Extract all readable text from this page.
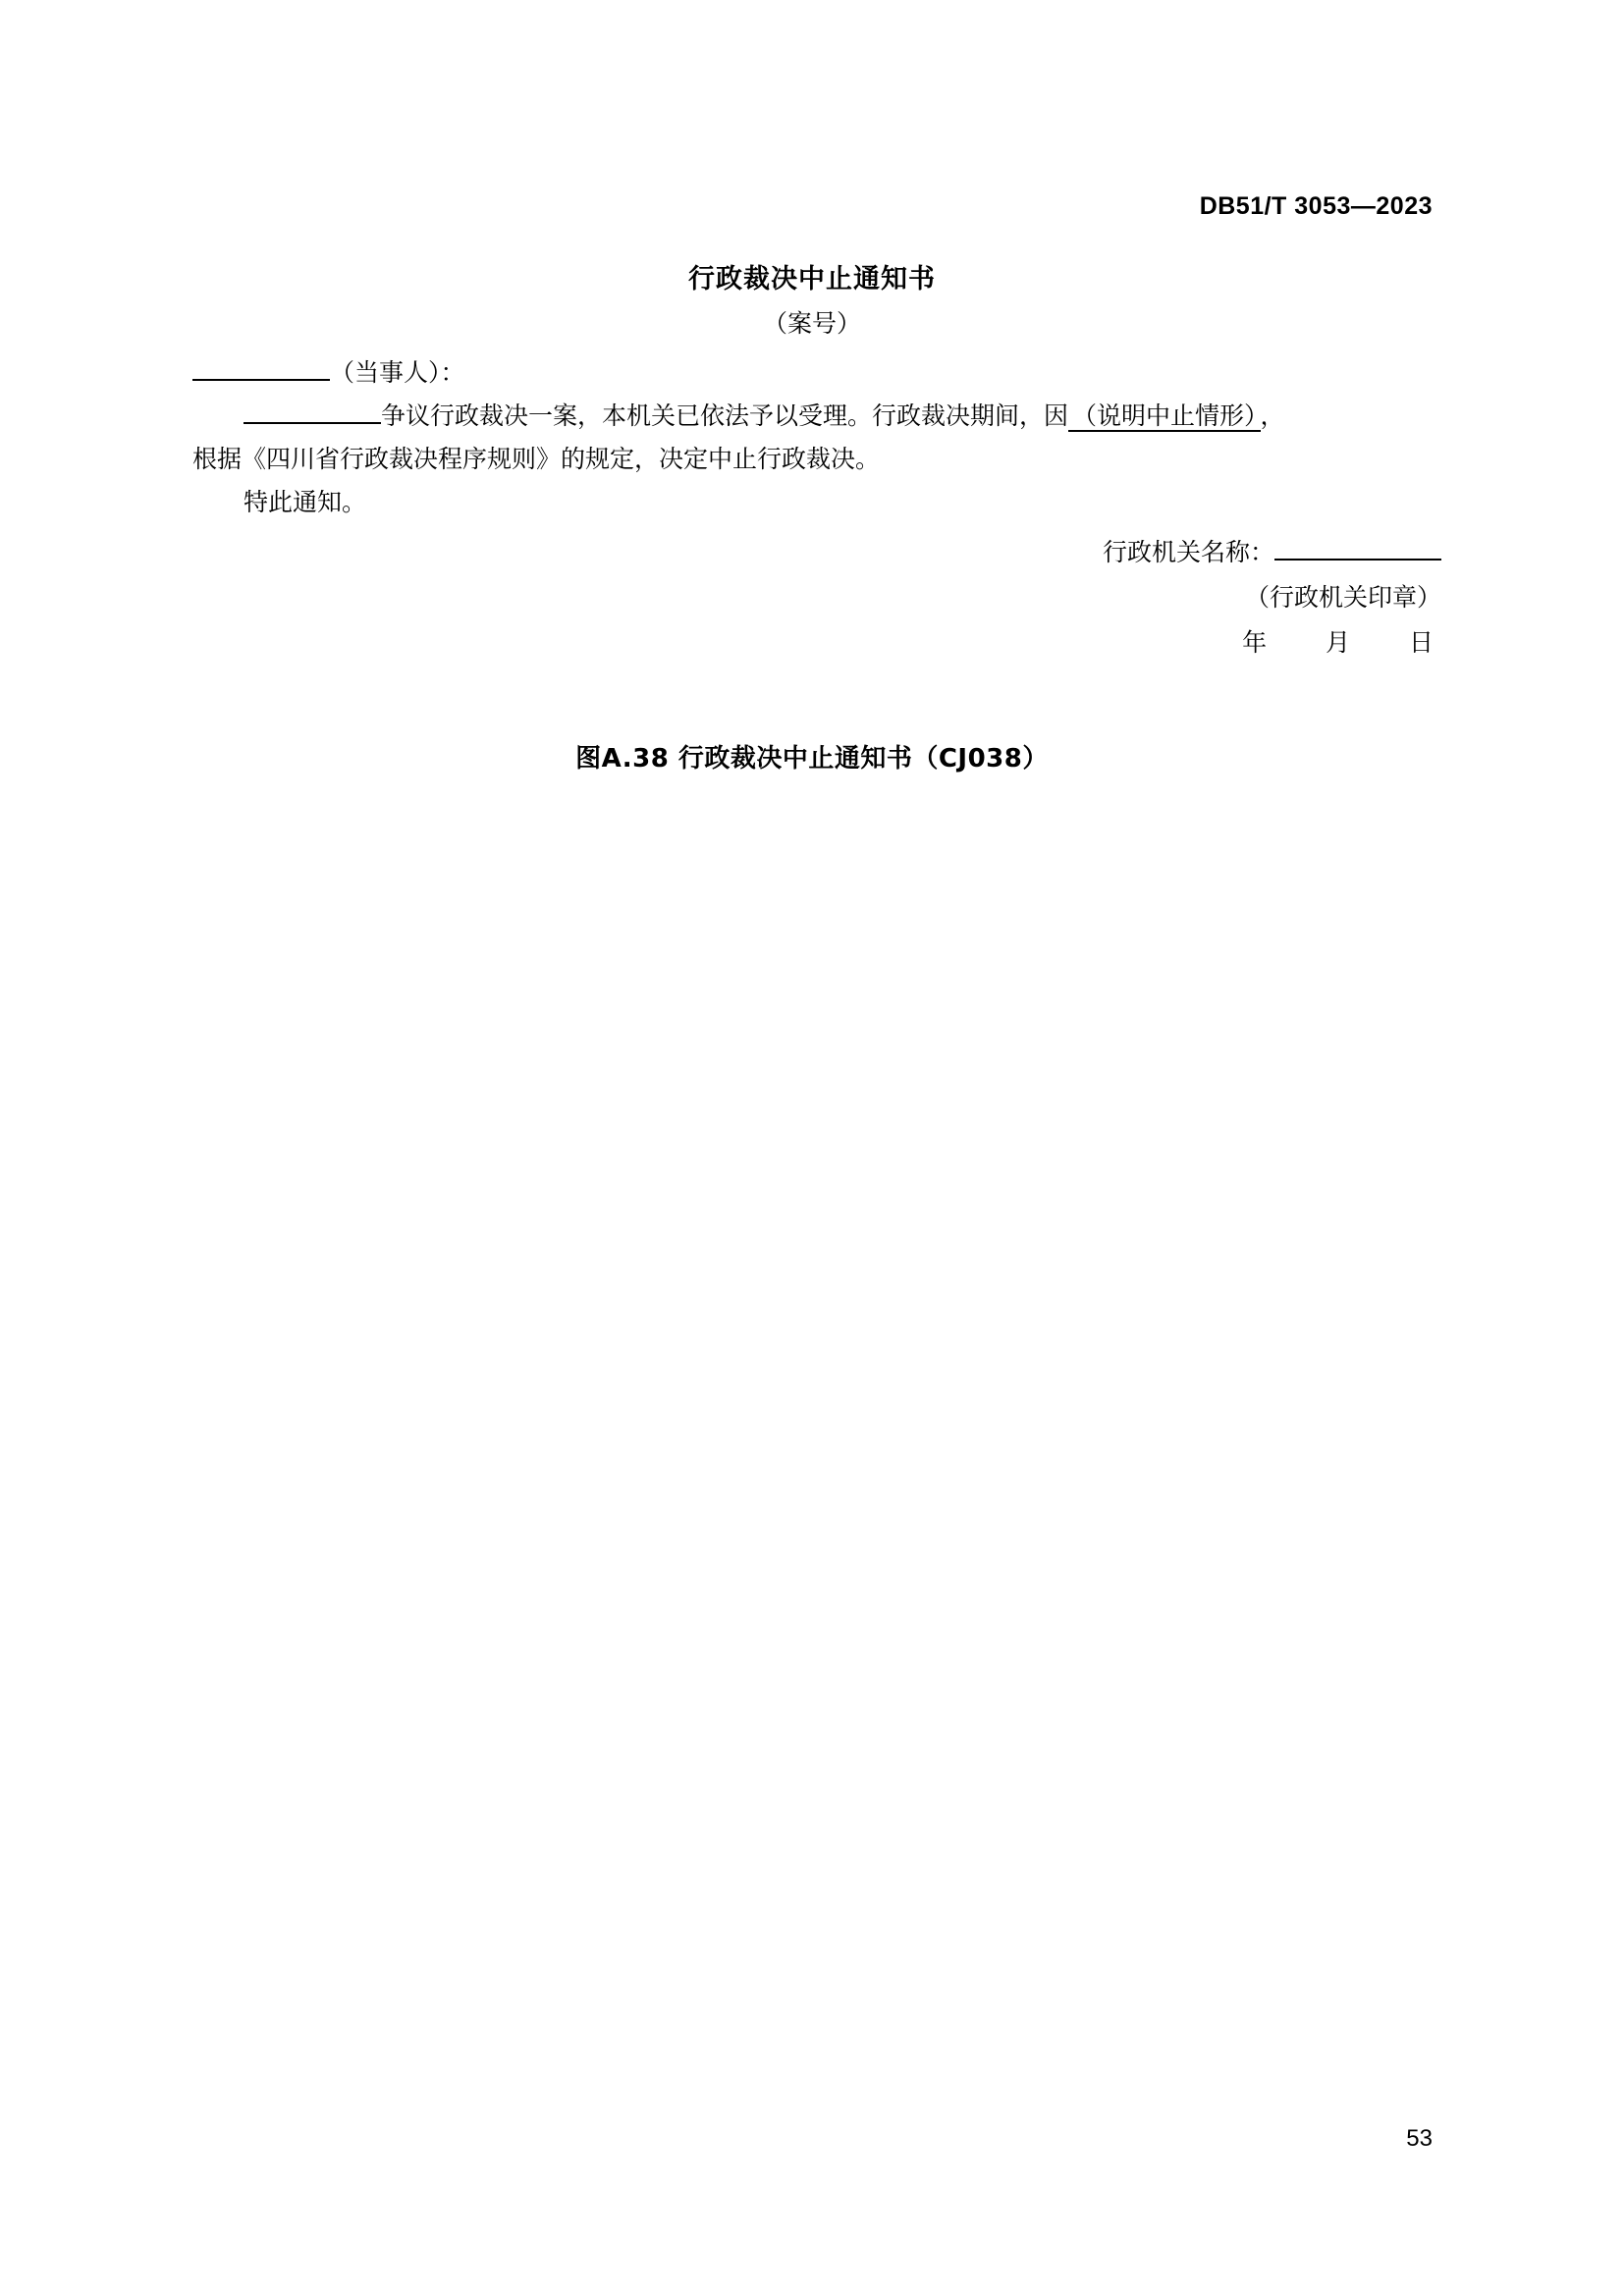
DB51/T 3053—2023
行政裁决中止通知书
（案号）
（当事人）：
争议行政裁决一案，本机关已依法予以受理。行政裁决期间，因 （说明中止情形） ，
根据《四川省行政裁决程序规则》的规定，决定中止行政裁决。
特此通知。
行政机关名称：
（行政机关印章）
年 月 日
图A.38 行政裁决中止通知书（CJ038）
53
